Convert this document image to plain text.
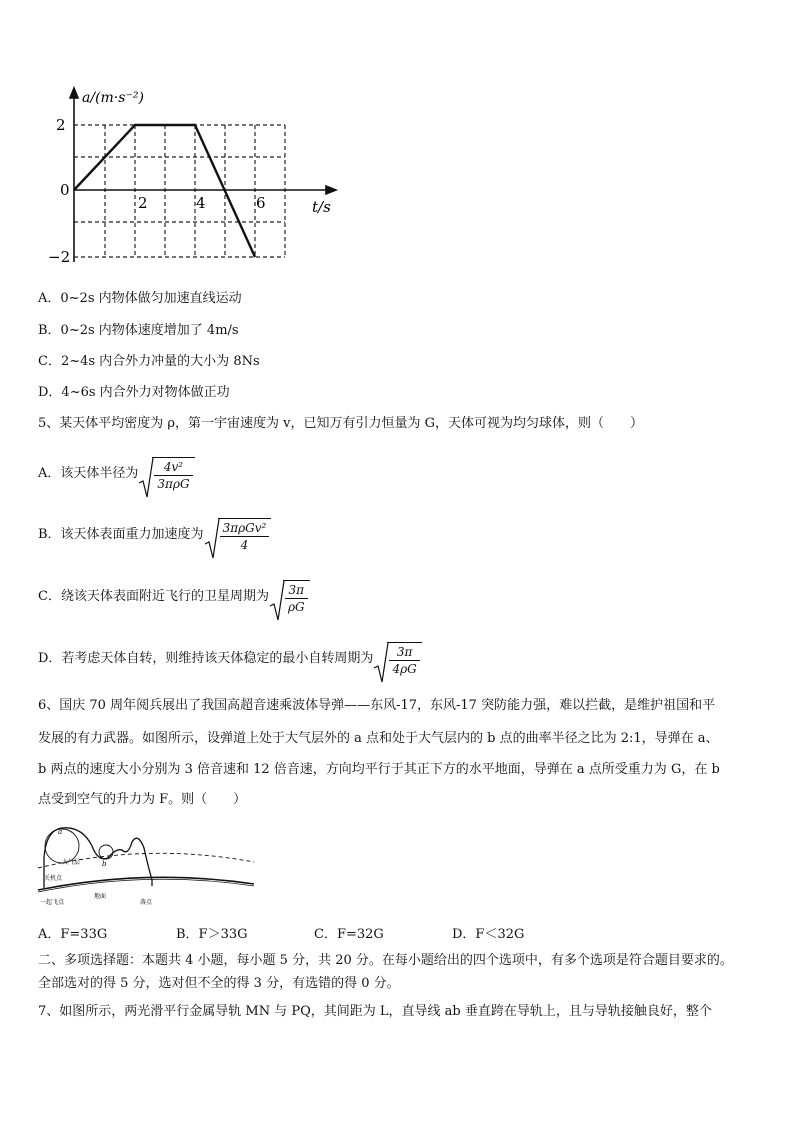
a/(m·s⁻²)
2
0
−2
2	4	6	t/s
A．0~2s 内物体做匀加速直线运动
B．0~2s 内物体速度增加了 4m/s
C．2~4s 内合外力冲量的大小为 8Ns
D．4~6s 内合外力对物体做正功
5、某天体平均密度为 ρ，第一宇宙速度为 v，已知万有引力恒量为 G，天体可视为均匀球体，则（　　）
A．该天体半径为 $\frac{\text{4v²}}{\text{3πρG}}$
B．该天体表面重力加速度为 $\frac{\text{3πρGv²}}{4}$
C．绕该天体表面附近飞行的卫星周期为 $\frac{3\pi}{\rho G}$
D．若考虑天体自转，则维持该天体稳定的最小自转周期为 $\frac{3\pi}{4\rho G}$
6、国庆 70 周年阅兵展出了我国高超音速乘波体导弹——东风-17，东风-17 突防能力强，难以拦截，是维护祖国和平
发展的有力武器。如图所示，设弹道上处于大气层外的 a 点和处于大气层内的 b 点的曲率半径之比为 2:1，导弹在 a、
b 两点的速度大小分别为 3 倍音速和 12 倍音速，方向均平行于其正下方的水平地面，导弹在 a 点所受重力为 G，在 b
点受到空气的升力为 F。则（　　）
a
b
大气层
关机点
一起飞点
地面
落点
A．F=33G	B．F＞33G	C．F=32G	D．F＜32G
二、多项选择题：本题共 4 小题，每小题 5 分，共 20 分。在每小题给出的四个选项中，有多个选项是符合题目要求的。
全部选对的得 5 分，选对但不全的得 3 分，有选错的得 0 分。
7、如图所示，两光滑平行金属导轨 MN 与 PQ，其间距为 L，直导线 ab 垂直跨在导轨上，且与导轨接触良好，整个
